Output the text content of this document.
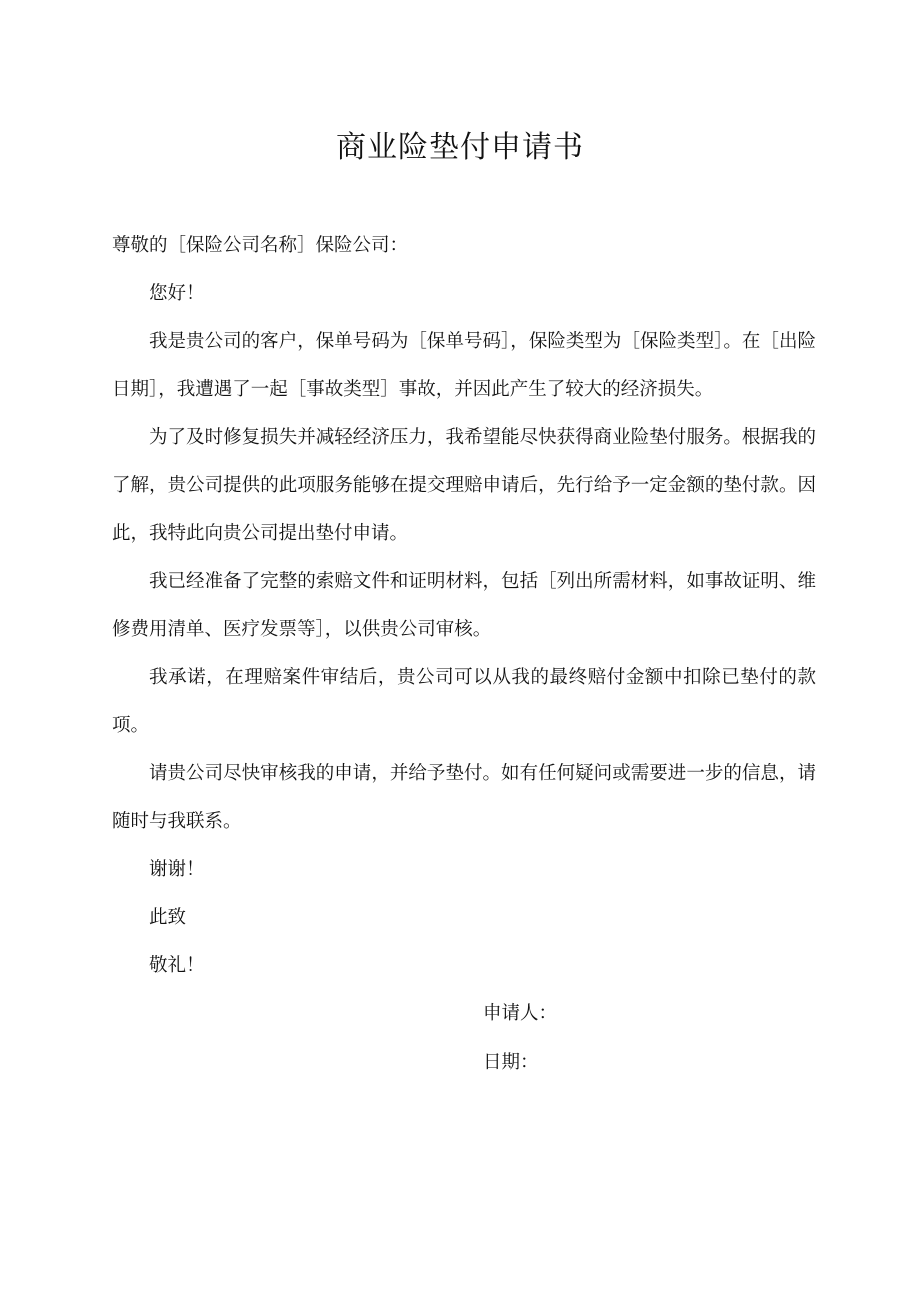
商业险垫付申请书

尊敬的［保险公司名称］保险公司：

您好！

我是贵公司的客户，保单号码为［保单号码］，保险类型为［保险类型］。在［出险日期］，我遭遇了一起［事故类型］事故，并因此产生了较大的经济损失。

为了及时修复损失并减轻经济压力，我希望能尽快获得商业险垫付服务。根据我的了解，贵公司提供的此项服务能够在提交理赔申请后，先行给予一定金额的垫付款。因此，我特此向贵公司提出垫付申请。

我已经准备了完整的索赔文件和证明材料，包括［列出所需材料，如事故证明、维修费用清单、医疗发票等］，以供贵公司审核。

我承诺，在理赔案件审结后，贵公司可以从我的最终赔付金额中扣除已垫付的款项。

请贵公司尽快审核我的申请，并给予垫付。如有任何疑问或需要进一步的信息，请随时与我联系。

谢谢！

此致

敬礼！

申请人：
日期：
